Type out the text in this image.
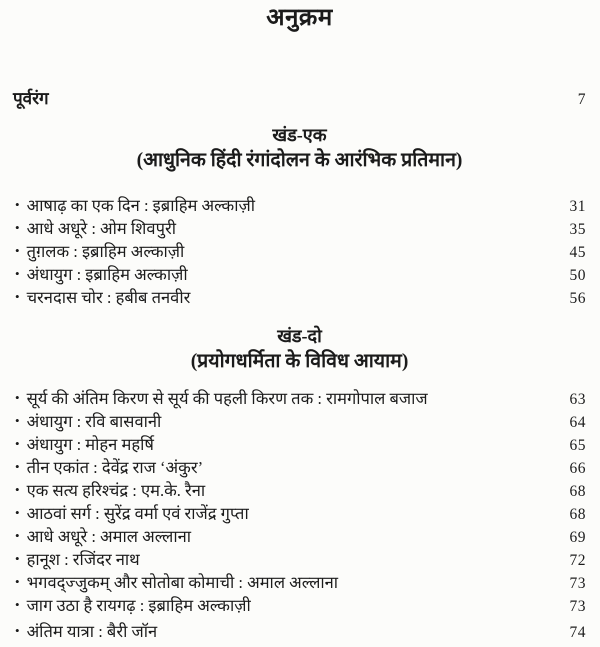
अनुक्रम
पूर्वरंग	7
खंड-एक
(आधुनिक हिंदी रंगांदोलन के आरंभिक प्रतिमान)
• आषाढ़ का एक दिन : इब्राहिम अल्काज़ी	31
• आधे अधूरे : ओम शिवपुरी	35
• तुग़लक : इब्राहिम अल्काज़ी	45
• अंधायुग : इब्राहिम अल्काज़ी	50
• चरनदास चोर : हबीब तनवीर	56
खंड-दो
(प्रयोगधर्मिता के विविध आयाम)
• सूर्य की अंतिम किरण से सूर्य की पहली किरण तक : रामगोपाल बजाज	63
• अंधायुग : रवि बासवानी	64
• अंधायुग : मोहन महर्षि	65
• तीन एकांत : देवेंद्र राज ‘अंकुर’	66
• एक सत्य हरिश्चंद्र : एम.के. रैना	68
• आठवां सर्ग : सुरेंद्र वर्मा एवं राजेंद्र गुप्ता	68
• आधे अधूरे : अमाल अल्लाना	69
• हानूश : रजिंदर नाथ	72
• भगवद्ज्जुकम् और सोतोबा कोमाची : अमाल अल्लाना	73
• जाग उठा है रायगढ़ : इब्राहिम अल्काज़ी	73
• अंतिम यात्रा : बैरी जॉन	74
